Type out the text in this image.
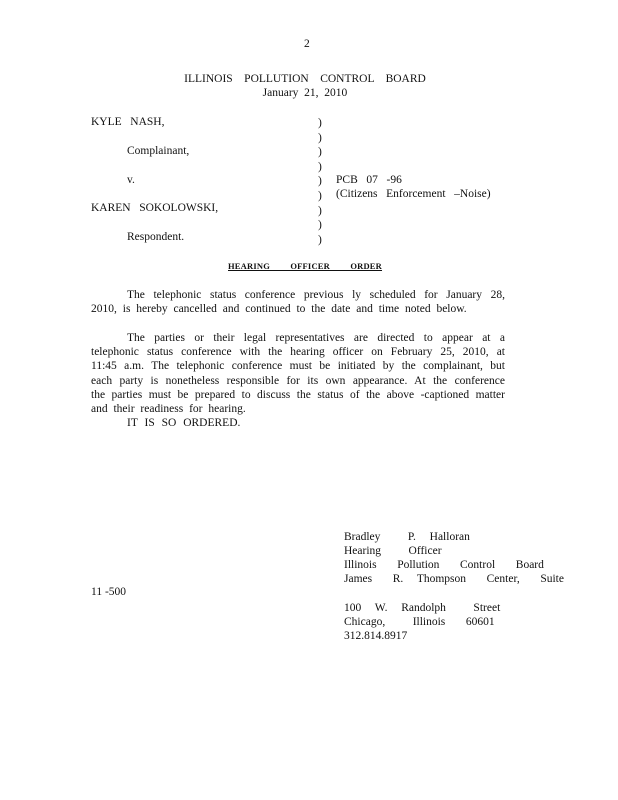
2
ILLINOIS    POLLUTION    CONTROL    BOARD
January  21,  2010
KYLE   NASH,
Complainant,
v.
KAREN   SOKOLOWSKI,
Respondent.
)
)
)
)
)
)
)
)
)
PCB   07   -96
(Citizens   Enforcement   –Noise)
HEARING OFFICER ORDER
The telephonic status conference previous ly scheduled for January 28, 2010, is hereby cancelled and continued to the date and time noted below.
The parties or their legal representatives are directed to appear at a telephonic status conference with the hearing officer on February 25, 2010, at 11:45 a.m. The telephonic conference must be initiated by the complainant, but each party is nonetheless responsible for its own appearance. At the conference the parties must be prepared to discuss the status of the above -captioned matter and their readiness for hearing.
IT IS SO ORDERED.
Bradley    P.  Halloran
Hearing    Officer
Illinois   Pollution   Control   Board
James   R.  Thompson   Center,   Suite
11 -500
100  W.  Randolph    Street
Chicago,    Illinois   60601
312.814.8917
